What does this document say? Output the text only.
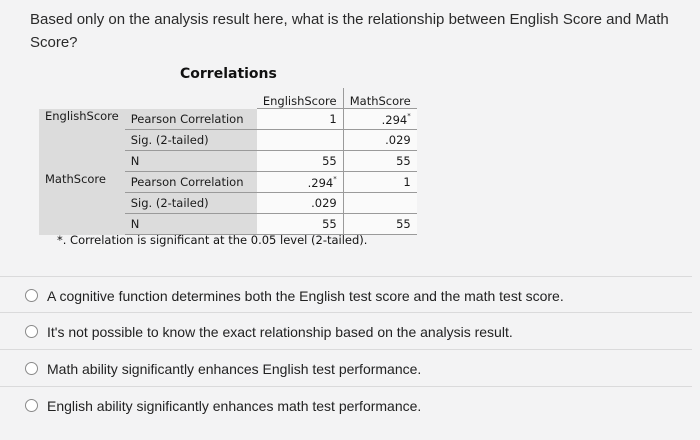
Based only on the analysis result here, what is the relationship between English Score and Math Score?
Correlations
		EnglishScore	MathScore
EnglishScore	Pearson Correlation	1	.294*
	Sig. (2-tailed)		.029
	N	55	55
MathScore	Pearson Correlation	.294*	1
	Sig. (2-tailed)	.029	
	N	55	55
*. Correlation is significant at the 0.05 level (2-tailed).
A cognitive function determines both the English test score and the math test score.
It's not possible to know the exact relationship based on the analysis result.
Math ability significantly enhances English test performance.
English ability significantly enhances math test performance.
